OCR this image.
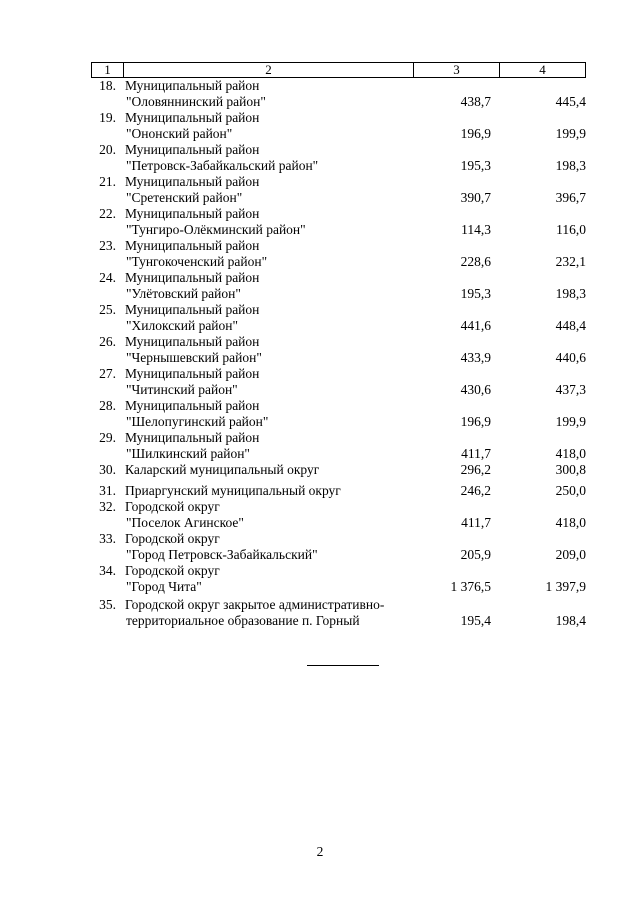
1	2	3	4
18. Муниципальный район
"Оловяннинский район"	438,7	445,4
19. Муниципальный район
"Ононский район"	196,9	199,9
20. Муниципальный район
"Петровск-Забайкальский район"	195,3	198,3
21. Муниципальный район
"Сретенский район"	390,7	396,7
22. Муниципальный район
"Тунгиро-Олёкминский район"	114,3	116,0
23. Муниципальный район
"Тунгокоченский район"	228,6	232,1
24. Муниципальный район
"Улётовский район"	195,3	198,3
25. Муниципальный район
"Хилокский район"	441,6	448,4
26. Муниципальный район
"Чернышевский район"	433,9	440,6
27. Муниципальный район
"Читинский район"	430,6	437,3
28. Муниципальный район
"Шелопугинский район"	196,9	199,9
29. Муниципальный район
"Шилкинский район"	411,7	418,0
30. Каларский муниципальный округ	296,2	300,8
31. Приаргунский муниципальный округ	246,2	250,0
32. Городской округ
"Поселок Агинское"	411,7	418,0
33. Городской округ
"Город Петровск-Забайкальский"	205,9	209,0
34. Городской округ
"Город Чита"	1 376,5	1 397,9
35. Городской округ закрытое административно-
территориальное образование п. Горный	195,4	198,4
2
